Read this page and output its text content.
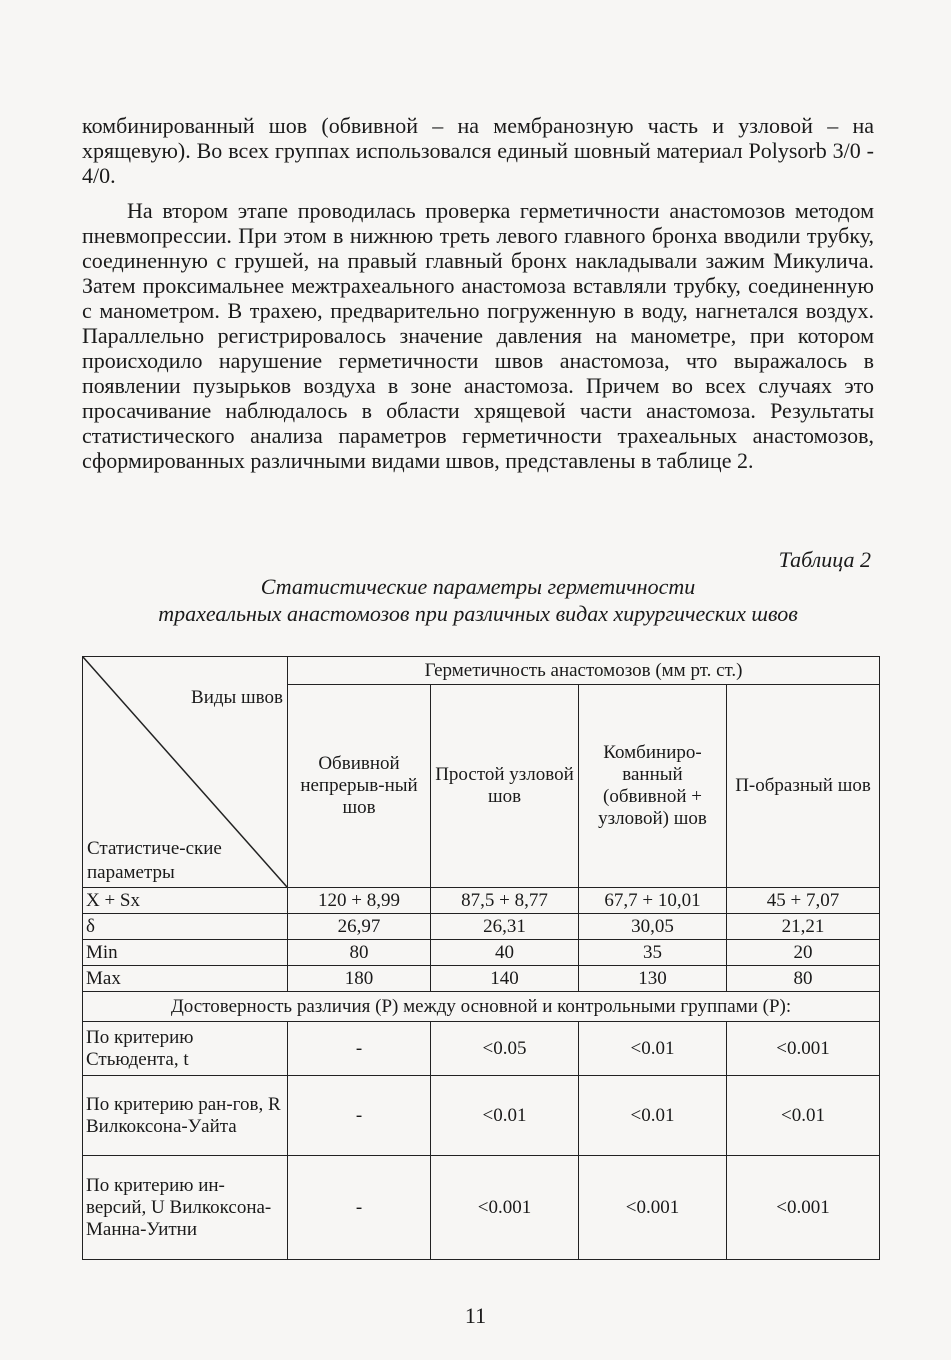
комбинированный шов (обвивной – на мембранозную часть и узловой – на хрящевую). Во всех группах использовался единый шовный материал Polysorb 3/0 - 4/0.

На втором этапе проводилась проверка герметичности анастомозов методом пневмопрессии. При этом в нижнюю треть левого главного бронха вводили трубку, соединенную с грушей, на правый главный бронх накладывали зажим Микулича. Затем проксимальнее межтрахеального анастомоза вставляли трубку, соединенную с манометром. В трахею, предварительно погруженную в воду, нагнетался воздух. Параллельно регистрировалось значение давления на манометре, при котором происходило нарушение герметичности швов анастомоза, что выражалось в появлении пузырьков воздуха в зоне анастомоза. Причем во всех случаях это просачивание наблюдалось в области хрящевой части анастомоза. Результаты статистического анализа параметров герметичности трахеальных анастомозов, сформированных различными видами швов, представлены в таблице 2.

Таблица 2
Статистические параметры герметичности
трахеальных анастомозов при различных видах хирургических швов
Виды швов
Статистиче-ские параметры	Герметичность анастомозов (мм рт. ст.)			
	Обвивной непрерыв-ный шов	Простой узловой шов	Комбиниро-ванный (обвивной + узловой) шов	П-образный шов
X + Sx	120 + 8,99	87,5 + 8,77	67,7 + 10,01	45 + 7,07
δ	26,97	26,31	30,05	21,21
Min	80	40	35	20
Max	180	140	130	80
Достоверность различия (Р) между основной и контрольными группами (Р):				
По критерию Стьюдента, t	-	<0.05	<0.01	<0.001
По критерию ран-гов, R Вилкоксона-Уайта	-	<0.01	<0.01	<0.01
По критерию ин-версий, U Вилкоксона-Манна-Уитни	-	<0.001	<0.001	<0.001
11
